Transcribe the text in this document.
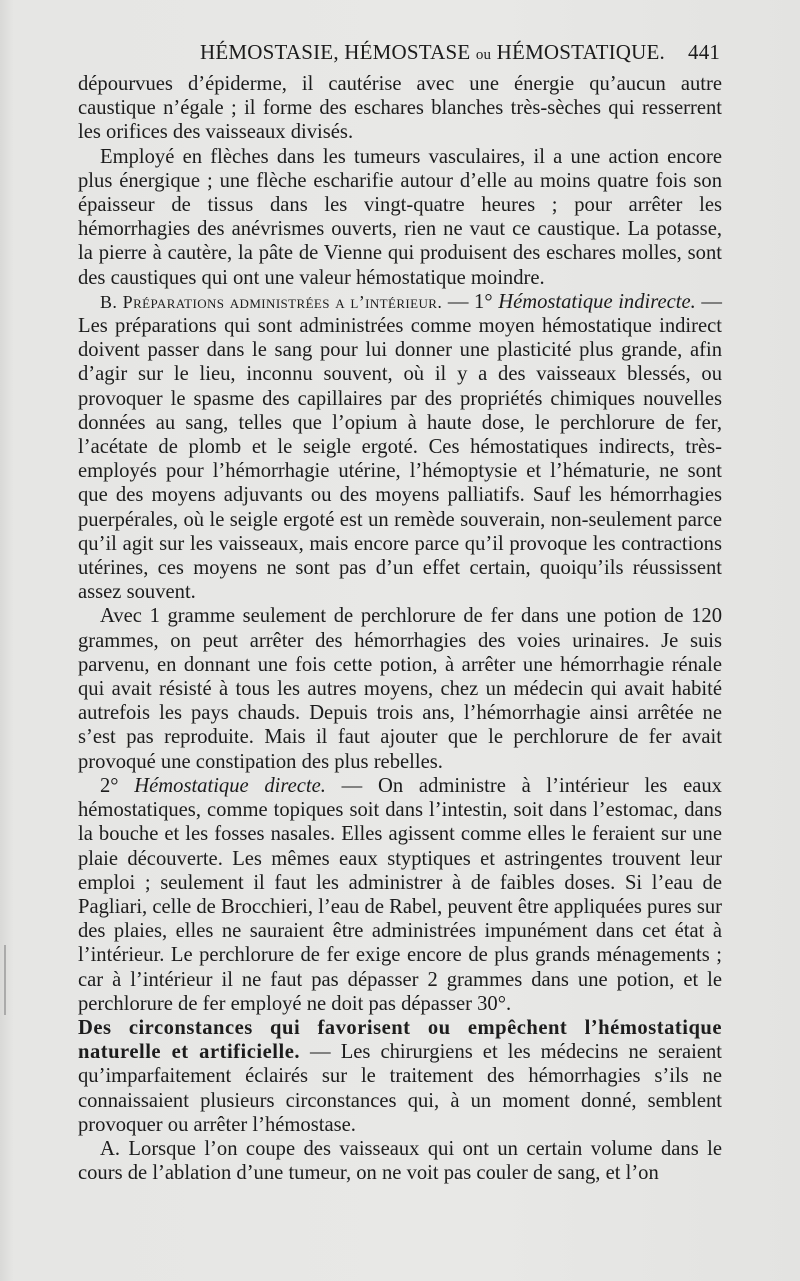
HÉMOSTASIE, HÉMOSTASE ou HÉMOSTATIQUE. 441

dépourvues d’épiderme, il cautérise avec une énergie qu’aucun autre caustique n’égale ; il forme des eschares blanches très-sèches qui resserrent les orifices des vaisseaux divisés.

Employé en flèches dans les tumeurs vasculaires, il a une action encore plus énergique ; une flèche escharifie autour d’elle au moins quatre fois son épaisseur de tissus dans les vingt-quatre heures ; pour arrêter les hémorrhagies des anévrismes ouverts, rien ne vaut ce caustique. La potasse, la pierre à cautère, la pâte de Vienne qui produisent des eschares molles, sont des caustiques qui ont une valeur hémostatique moindre.

B. Préparations administrées a l’intérieur. — 1° Hémostatique indirecte. — Les préparations qui sont administrées comme moyen hémostatique indirect doivent passer dans le sang pour lui donner une plasticité plus grande, afin d’agir sur le lieu, inconnu souvent, où il y a des vaisseaux blessés, ou provoquer le spasme des capillaires par des propriétés chimiques nouvelles données au sang, telles que l’opium à haute dose, le perchlorure de fer, l’acétate de plomb et le seigle ergoté. Ces hémostatiques indirects, très-employés pour l’hémorrhagie utérine, l’hémoptysie et l’hématurie, ne sont que des moyens adjuvants ou des moyens palliatifs. Sauf les hémorrhagies puerpérales, où le seigle ergoté est un remède souverain, non-seulement parce qu’il agit sur les vaisseaux, mais encore parce qu’il provoque les contractions utérines, ces moyens ne sont pas d’un effet certain, quoiqu’ils réussissent assez souvent.

Avec 1 gramme seulement de perchlorure de fer dans une potion de 120 grammes, on peut arrêter des hémorrhagies des voies urinaires. Je suis parvenu, en donnant une fois cette potion, à arrêter une hémorrhagie rénale qui avait résisté à tous les autres moyens, chez un médecin qui avait habité autrefois les pays chauds. Depuis trois ans, l’hémorrhagie ainsi arrêtée ne s’est pas reproduite. Mais il faut ajouter que le perchlorure de fer avait provoqué une constipation des plus rebelles.

2° Hémostatique directe. — On administre à l’intérieur les eaux hémostatiques, comme topiques soit dans l’intestin, soit dans l’estomac, dans la bouche et les fosses nasales. Elles agissent comme elles le feraient sur une plaie découverte. Les mêmes eaux styptiques et astringentes trouvent leur emploi ; seulement il faut les administrer à de faibles doses. Si l’eau de Pagliari, celle de Brocchieri, l’eau de Rabel, peuvent être appliquées pures sur des plaies, elles ne sauraient être administrées impunément dans cet état à l’intérieur. Le perchlorure de fer exige encore de plus grands ménagements ; car à l’intérieur il ne faut pas dépasser 2 grammes dans une potion, et le perchlorure de fer employé ne doit pas dépasser 30°.

Des circonstances qui favorisent ou empêchent l’hémostatique naturelle et artificielle. — Les chirurgiens et les médecins ne seraient qu’imparfaitement éclairés sur le traitement des hémorrhagies s’ils ne connaissaient plusieurs circonstances qui, à un moment donné, semblent provoquer ou arrêter l’hémostase.

A. Lorsque l’on coupe des vaisseaux qui ont un certain volume dans le cours de l’ablation d’une tumeur, on ne voit pas couler de sang, et l’on
